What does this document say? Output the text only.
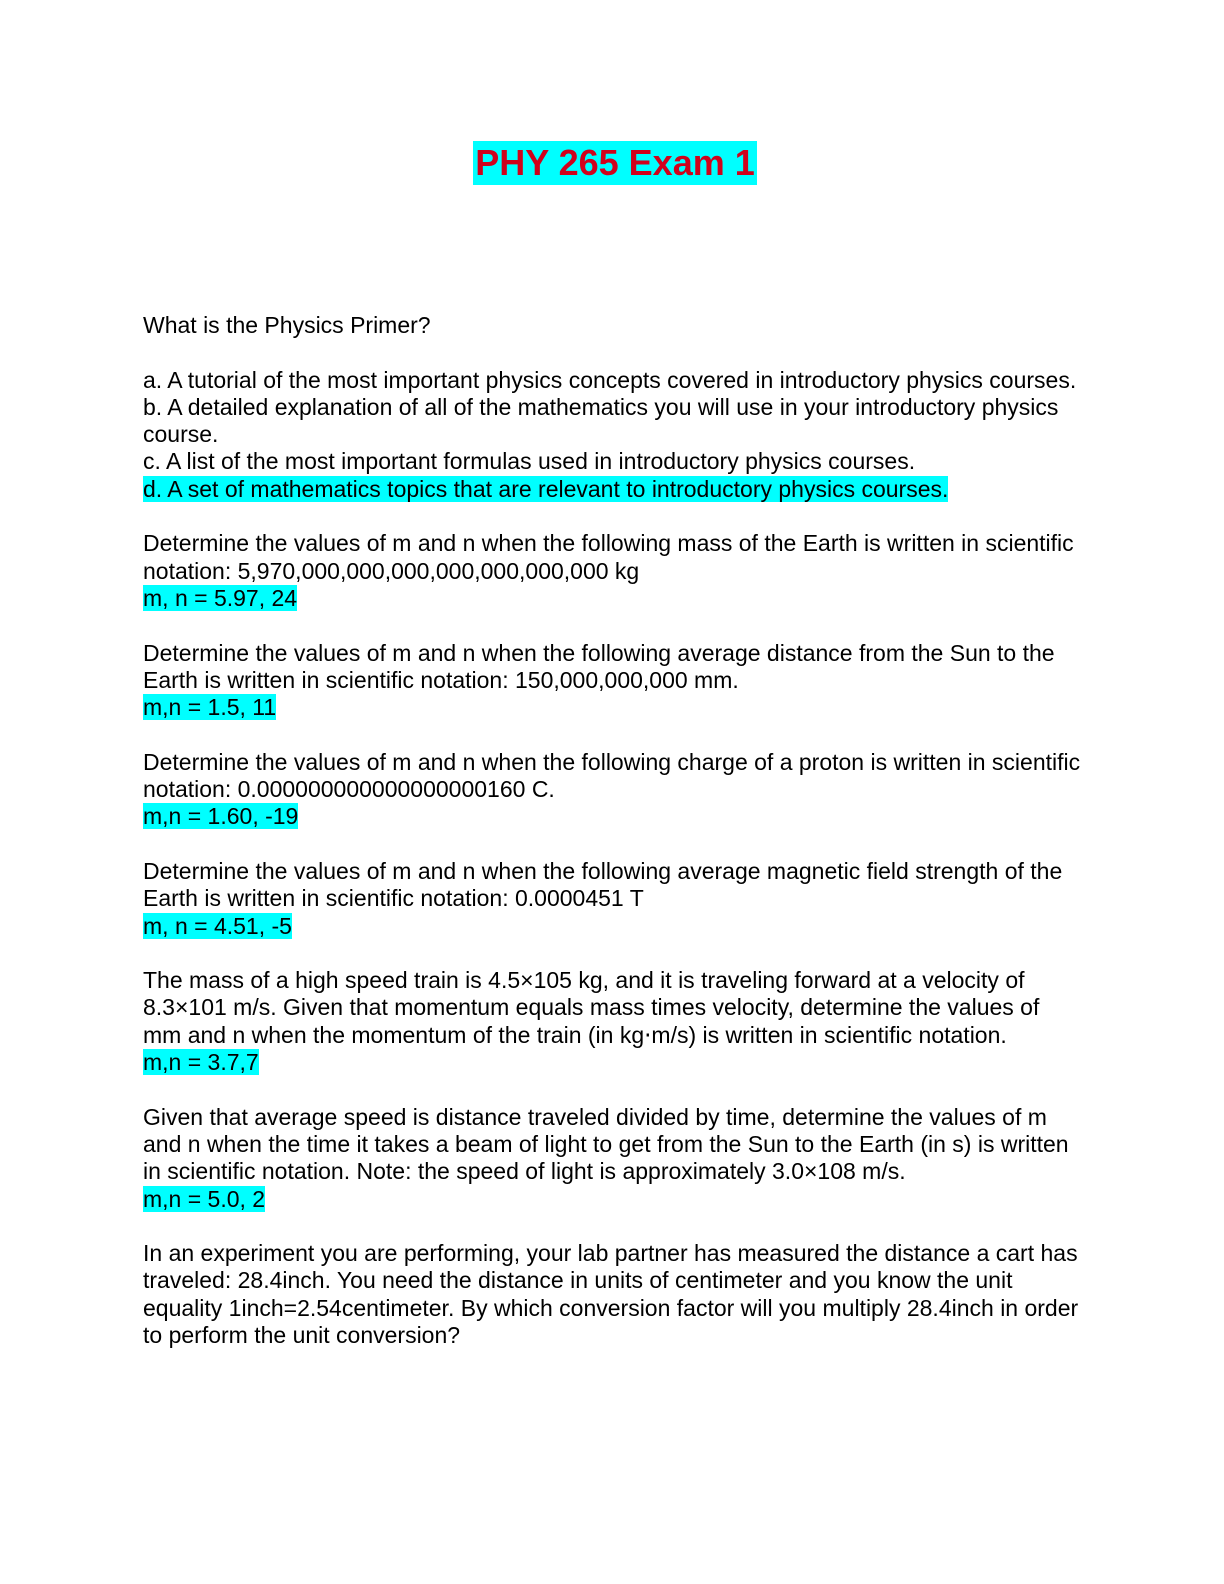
PHY 265 Exam 1
What is the Physics Primer?
a. A tutorial of the most important physics concepts covered in introductory physics courses.
b. A detailed explanation of all of the mathematics you will use in your introductory physics course.
c. A list of the most important formulas used in introductory physics courses.
d. A set of mathematics topics that are relevant to introductory physics courses.
Determine the values of m and n when the following mass of the Earth is written in scientific notation: 5,970,000,000,000,000,000,000,000 kg
m, n = 5.97, 24
Determine the values of m and n when the following average distance from the Sun to the Earth is written in scientific notation: 150,000,000,000 mm.
m,n = 1.5, 11
Determine the values of m and n when the following charge of a proton is written in scientific notation: 0.000000000000000000160 C.
m,n = 1.60, -19
Determine the values of m and n when the following average magnetic field strength of the Earth is written in scientific notation: 0.0000451 T
m, n = 4.51, -5
The mass of a high speed train is 4.5×105 kg, and it is traveling forward at a velocity of 8.3×101 m/s. Given that momentum equals mass times velocity, determine the values of mm and n when the momentum of the train (in kg⋅m/s) is written in scientific notation.
m,n = 3.7,7
Given that average speed is distance traveled divided by time, determine the values of m and n when the time it takes a beam of light to get from the Sun to the Earth (in s) is written in scientific notation. Note: the speed of light is approximately 3.0×108 m/s.
m,n = 5.0, 2
In an experiment you are performing, your lab partner has measured the distance a cart has traveled: 28.4inch. You need the distance in units of centimeter and you know the unit equality 1inch=2.54centimeter. By which conversion factor will you multiply 28.4inch in order to perform the unit conversion?
